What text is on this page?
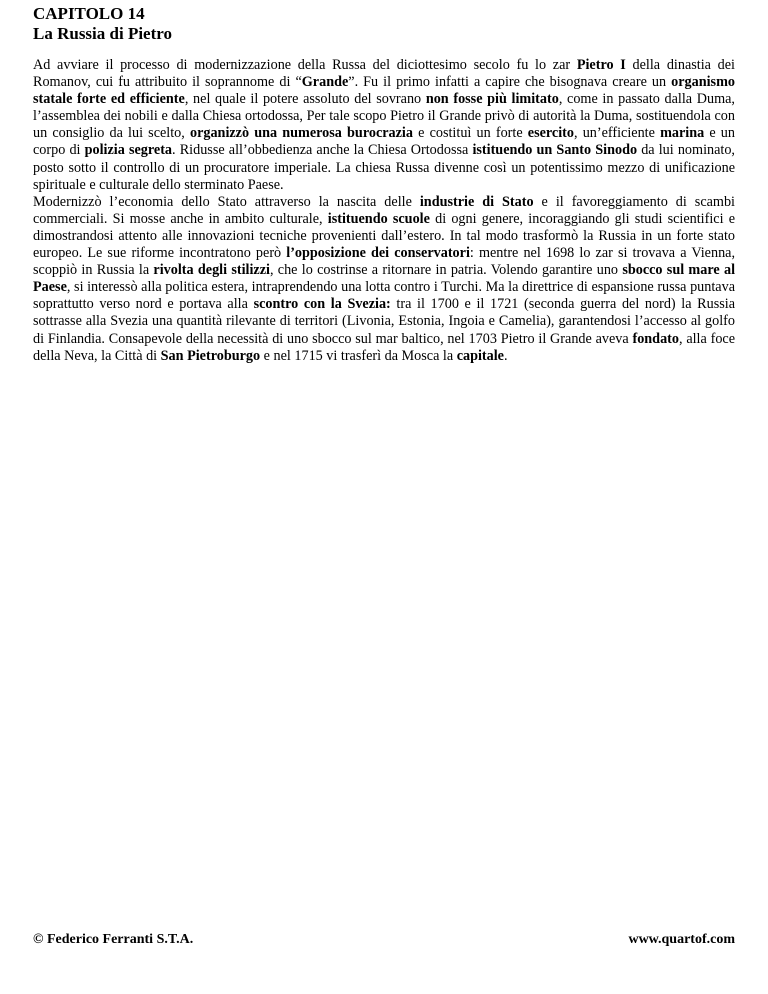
CAPITOLO 14
La Russia di Pietro

Ad avviare il processo di modernizzazione della Russa del diciottesimo secolo fu lo zar Pietro I della dinastia dei Romanov, cui fu attribuito il soprannome di “Grande”. Fu il primo infatti a capire che bisognava creare un organismo statale forte ed efficiente, nel quale il potere assoluto del sovrano non fosse più limitato, come in passato dalla Duma, l’assemblea dei nobili e dalla Chiesa ortodossa, Per tale scopo Pietro il Grande privò di autorità la Duma, sostituendola con un consiglio da lui scelto, organizzò una numerosa burocrazia e costituì un forte esercito, un’efficiente marina e un corpo di polizia segreta. Ridusse all’obbedienza anche la Chiesa Ortodossa istituendo un Santo Sinodo da lui nominato, posto sotto il controllo di un procuratore imperiale. La chiesa Russa divenne così un potentissimo mezzo di unificazione spirituale e culturale dello sterminato Paese.

Modernizzò l’economia dello Stato attraverso la nascita delle industrie di Stato e il favoreggiamento di scambi commerciali. Si mosse anche in ambito culturale, istituendo scuole di ogni genere, incoraggiando gli studi scientifici e dimostrandosi attento alle innovazioni tecniche provenienti dall’estero. In tal modo trasformò la Russia in un forte stato europeo. Le sue riforme incontratono però l’opposizione dei conservatori: mentre nel 1698 lo zar si trovava a Vienna, scoppiò in Russia la rivolta degli stilizzi, che lo costrinse a ritornare in patria. Volendo garantire uno sbocco sul mare al Paese, si interessò alla politica estera, intraprendendo una lotta contro i Turchi. Ma la direttrice di espansione russa puntava soprattutto verso nord e portava alla scontro con la Svezia: tra il 1700 e il 1721 (seconda guerra del nord) la Russia sottrasse alla Svezia una quantità rilevante di territori (Livonia, Estonia, Ingoia e Camelia), garantendosi l’accesso al golfo di Finlandia. Consapevole della necessità di uno sbocco sul mar baltico, nel 1703 Pietro il Grande aveva fondato, alla foce della Neva, la Città di San Pietroburgo e nel 1715 vi trasferì da Mosca la capitale.

© Federico Ferranti S.T.A.	www.quartof.com
